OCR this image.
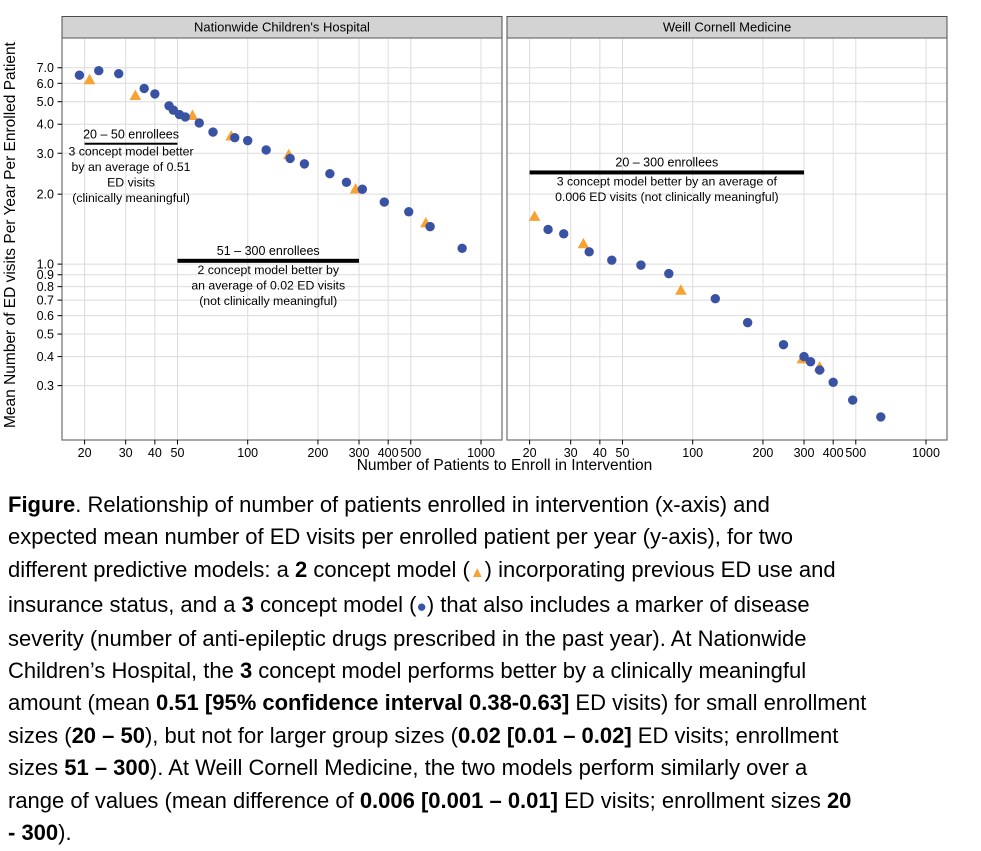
Mean Number of ED visits Per Year Per Enrolled Patient
Nationwide Children's Hospital
20 30 40 50	100	200 300 400 500	1000
7.0
6.0
5.0
4.0
3.0
2.0
1.0
0.9
0.8
0.7
0.6
0.5
0.4
0.3
20 – 50 enrollees
3 concept model better
by an average of 0.51
ED visits
(clinically meaningful)
51 – 300 enrollees
2 concept model better by
an average of 0.02 ED visits
(not clinically meaningful)
Weill Cornell Medicine
20 30 40 50	100	200 300 400 500	1000
20 – 300 enrollees
3 concept model better by an average of
0.006 ED visits (not clinically meaningful)
Number of Patients to Enroll in Intervention
Figure. Relationship of number of patients enrolled in intervention (x-axis) and
expected mean number of ED visits per enrolled patient per year (y-axis), for two
different predictive models: a 2 concept model (▲) incorporating previous ED use and
insurance status, and a 3 concept model (●) that also includes a marker of disease
severity (number of anti-epileptic drugs prescribed in the past year). At Nationwide
Children’s Hospital, the 3 concept model performs better by a clinically meaningful
amount (mean 0.51 [95% confidence interval 0.38-0.63] ED visits) for small enrollment
sizes (20 – 50), but not for larger group sizes (0.02 [0.01 – 0.02] ED visits; enrollment
sizes 51 – 300). At Weill Cornell Medicine, the two models perform similarly over a
range of values (mean difference of 0.006 [0.001 – 0.01] ED visits; enrollment sizes 20
- 300).
